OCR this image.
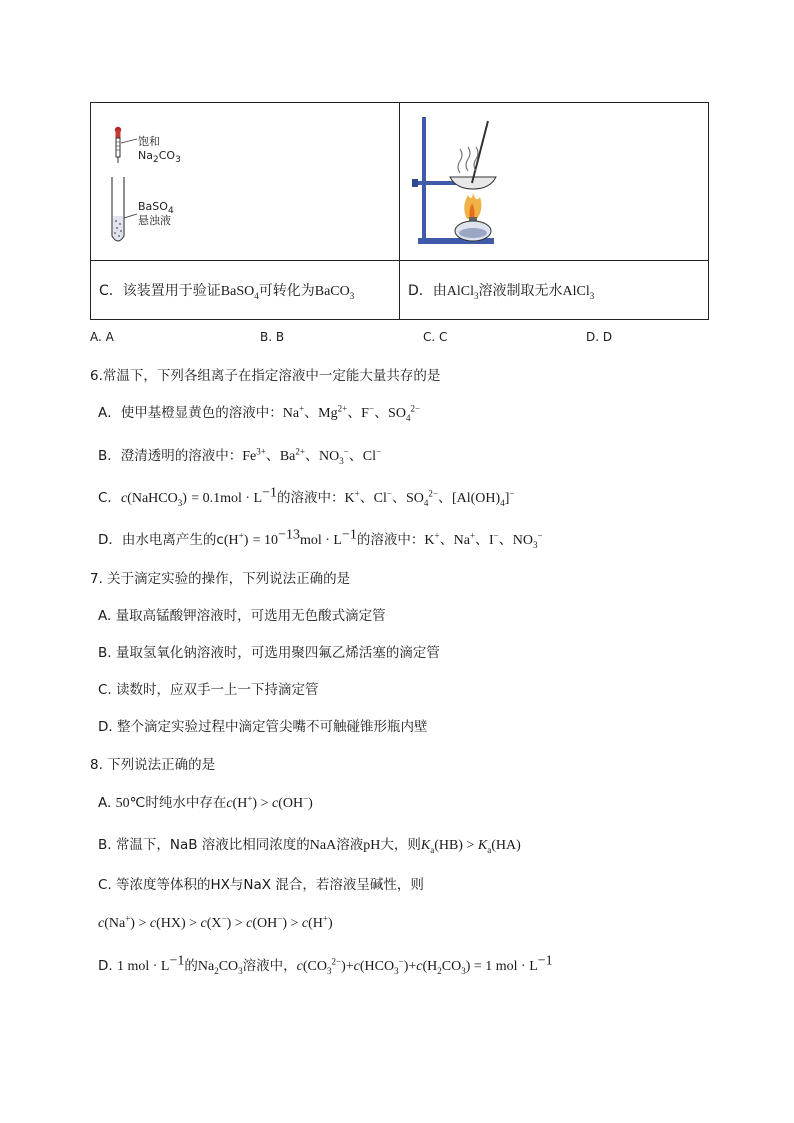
饱和
$Na_2CO_3$
BaSO$_4$
悬浊液

C．该装置用于验证BaSO$_4$可转化为BaCO$_3$	D．由AlCl$_3$溶液制取无水AlCl$_3$
A. A	B. B	C. C	D. D
6.常温下，下列各组离子在指定溶液中一定能大量共存的是
A．使甲基橙显黄色的溶液中：Na+、$Mg^{2+}$、F−、$SO_4^{2-}$
B．澄清透明的溶液中：$Fe^{3+}$、$Ba^{2+}$、$NO_3^-$、Cl−
C．c(NaHCO$_3$) = $0.1mol \cdot L^{-1}$的溶液中：K+、Cl−、$SO_4^{2-}$、$[Al(OH)_4]^-$
D．由水电离产生的$c(H^+) = 10^{-13}mol \cdot L^{-1}$的溶液中：K+、Na+、I−、$NO_3^-$
7. 关于滴定实验的操作，下列说法正确的是
A. 量取高锰酸钾溶液时，可选用无色酸式滴定管
B. 量取氢氧化钠溶液时，可选用聚四氟乙烯活塞的滴定管
C. 读数时，应双手一上一下持滴定管
D. 整个滴定实验过程中滴定管尖嘴不可触碰锥形瓶内壁
8. 下列说法正确的是
A. 50℃时纯水中存在c(H+) > c(OH−)
B. 常温下，NaB 溶液比相同浓度的NaA溶液pH大，则$K_a(HB) > K_a(HA)$
C. 等浓度等体积的HX与NaX 混合，若溶液呈碱性，则
c(Na+) > c(HX) > c(X−) > c(OH−) > c(H+)
D. 1 mol · $L^{-1}$的$Na_2CO_3$溶液中，$c(CO_3^{2-})+c(HCO_3^-)+c(H_2CO_3) = 1$ mol · $L^{-1}$
